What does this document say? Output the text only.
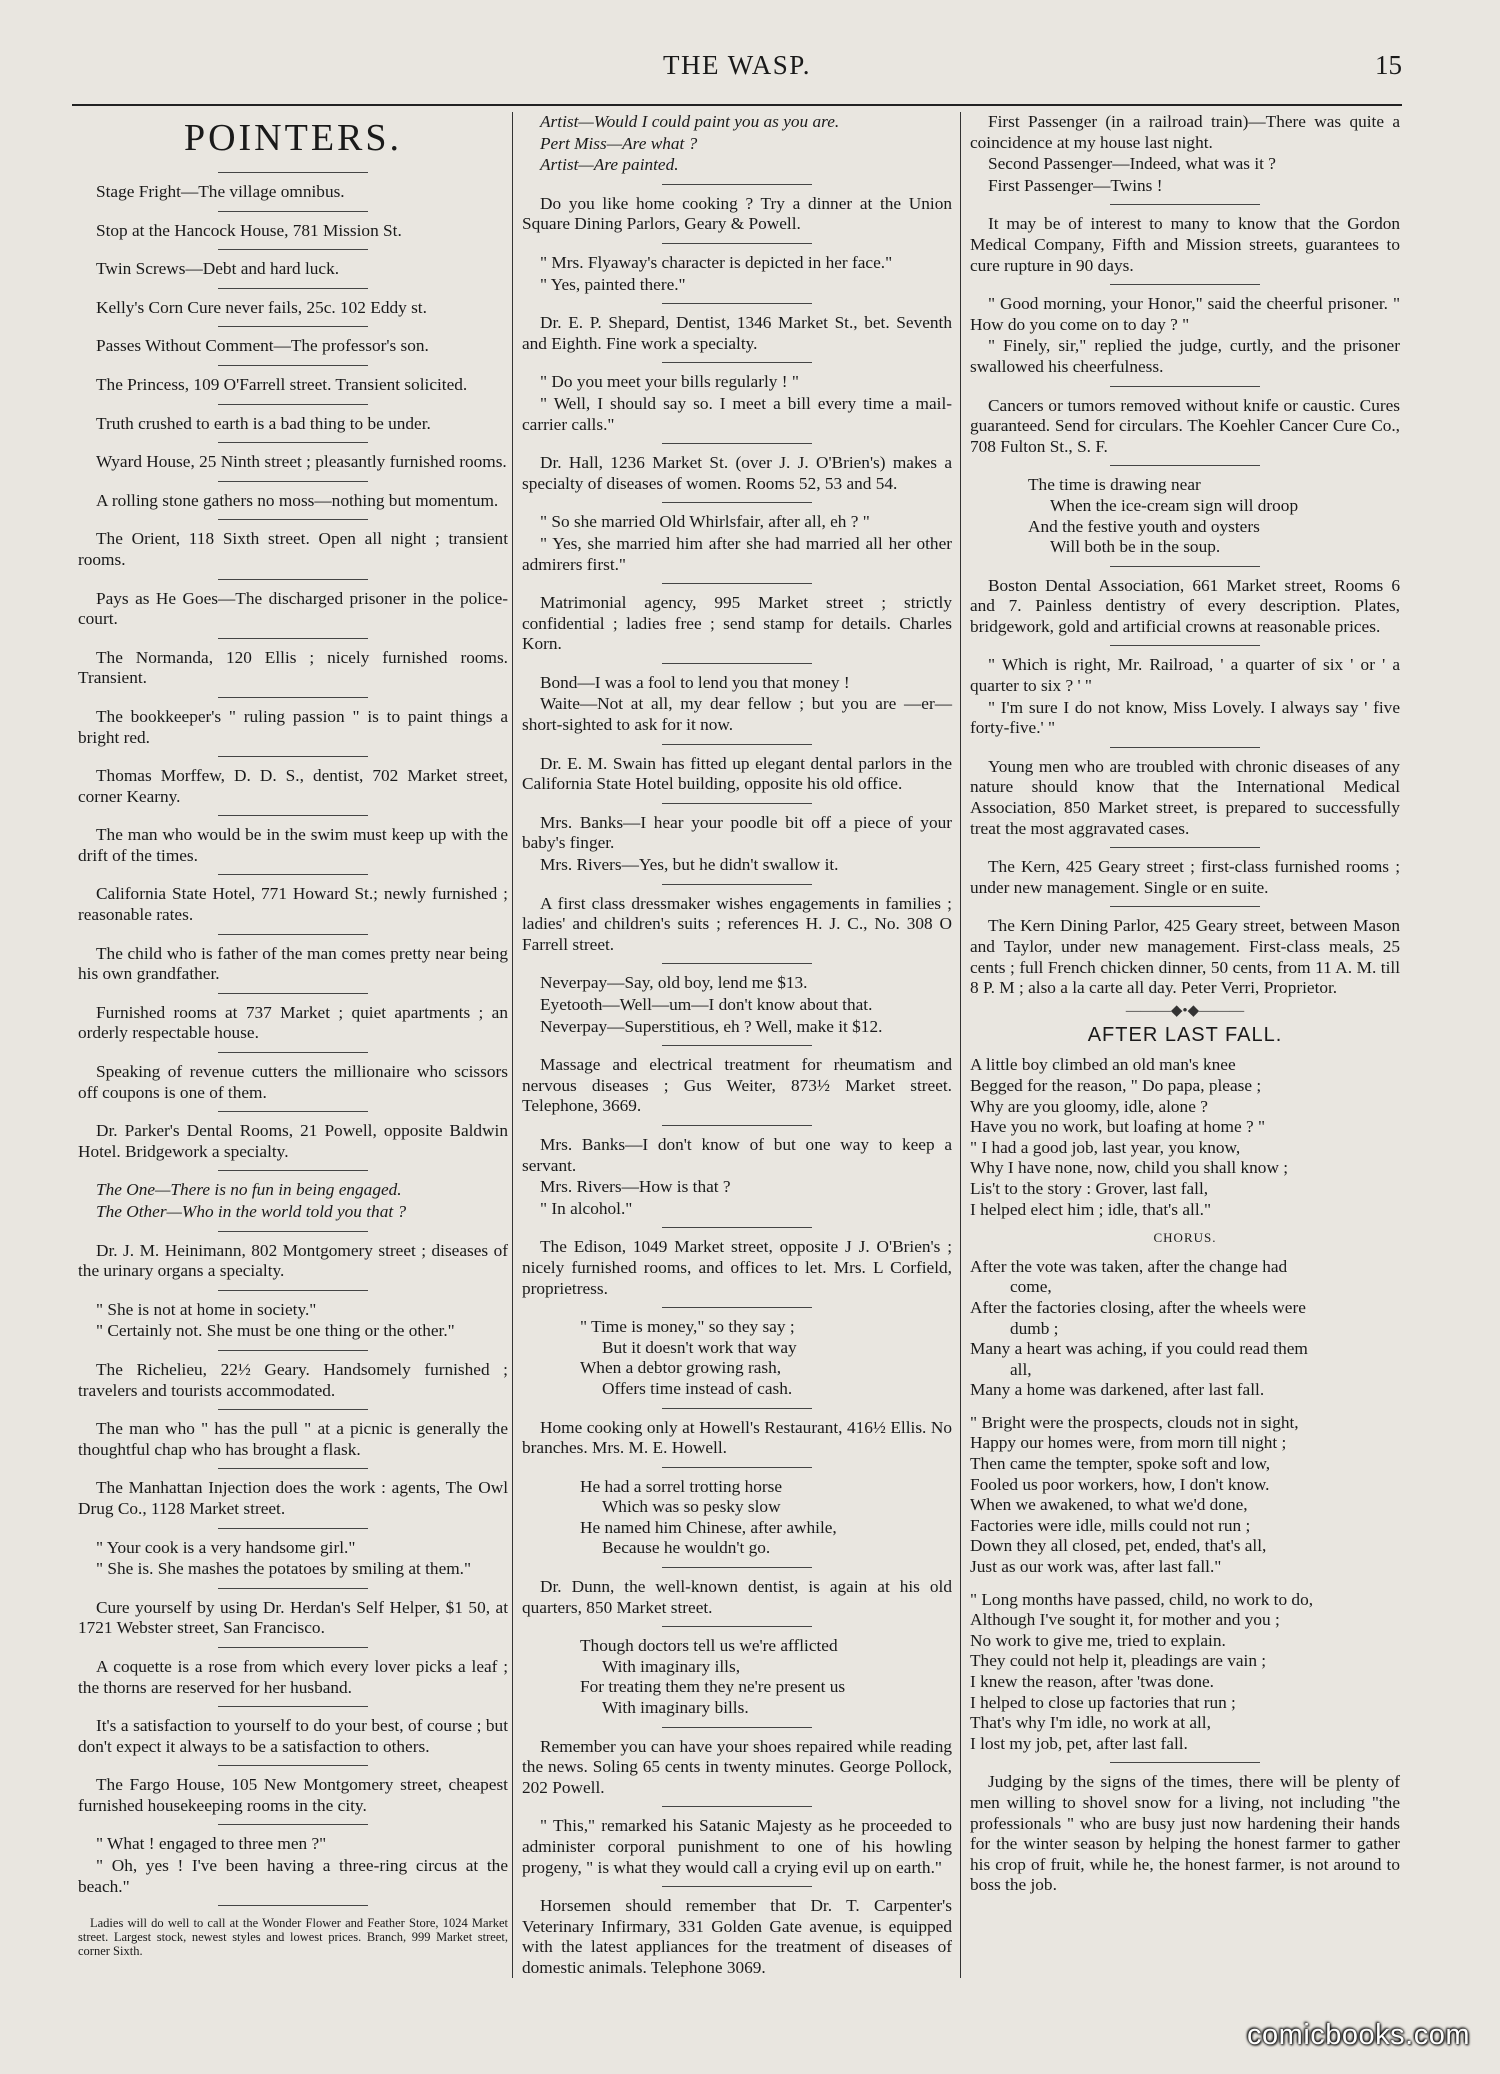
THE WASP.	15
POINTERS.
Stage Fright—The village omnibus.
Stop at the Hancock House, 781 Mission St.
Twin Screws—Debt and hard luck.
Kelly's Corn Cure never fails, 25c. 102 Eddy st.
Passes Without Comment—The professor's son.
The Princess, 109 O'Farrell street. Transient solicited.
Truth crushed to earth is a bad thing to be under.
Wyard House, 25 Ninth street ; pleasantly furnished rooms.
A rolling stone gathers no moss—nothing but momentum.
The Orient, 118 Sixth street. Open all night ; transient rooms.
Pays as He Goes—The discharged prisoner in the police-court.
The Normanda, 120 Ellis ; nicely furnished rooms. Transient.
The bookkeeper's " ruling passion " is to paint things a bright red.
Thomas Morffew, D. D. S., dentist, 702 Market street, corner Kearny.
The man who would be in the swim must keep up with the drift of the times.
California State Hotel, 771 Howard St.; newly furnished ; reasonable rates.
The child who is father of the man comes pretty near being his own grandfather.
Furnished rooms at 737 Market ; quiet apartments ; an orderly respectable house.
Speaking of revenue cutters the millionaire who scissors off coupons is one of them.
Dr. Parker's Dental Rooms, 21 Powell, opposite Baldwin Hotel. Bridgework a specialty.
The One—There is no fun in being engaged.
The Other—Who in the world told you that ?
Dr. J. M. Heinimann, 802 Montgomery street ; diseases of the urinary organs a specialty.
" She is not at home in society."
" Certainly not. She must be one thing or the other."
The Richelieu, 22½ Geary. Handsomely furnished ; travelers and tourists accommodated.
The man who " has the pull " at a picnic is generally the thoughtful chap who has brought a flask.
The Manhattan Injection does the work : agents, The Owl Drug Co., 1128 Market street.
" Your cook is a very handsome girl."
" She is. She mashes the potatoes by smiling at them."
Cure yourself by using Dr. Herdan's Self Helper, $1 50, at 1721 Webster street, San Francisco.
A coquette is a rose from which every lover picks a leaf ; the thorns are reserved for her husband.
It's a satisfaction to yourself to do your best, of course ; but don't expect it always to be a satisfaction to others.
The Fargo House, 105 New Montgomery street, cheapest furnished housekeeping rooms in the city.
" What ! engaged to three men ?"
" Oh, yes ! I've been having a three-ring circus at the beach."
Ladies will do well to call at the Wonder Flower and Feather Store, 1024 Market street. Largest stock, newest styles and lowest prices. Branch, 999 Market street, corner Sixth.
Artist—Would I could paint you as you are.
Pert Miss—Are what ?
Artist—Are painted.
Do you like home cooking ? Try a dinner at the Union Square Dining Parlors, Geary & Powell.
" Mrs. Flyaway's character is depicted in her face."
" Yes, painted there."
Dr. E. P. Shepard, Dentist, 1346 Market St., bet. Seventh and Eighth. Fine work a specialty.
" Do you meet your bills regularly ! "
" Well, I should say so. I meet a bill every time a mail-carrier calls."
Dr. Hall, 1236 Market St. (over J. J. O'Brien's) makes a specialty of diseases of women. Rooms 52, 53 and 54.
" So she married Old Whirlsfair, after all, eh ? "
" Yes, she married him after she had married all her other admirers first."
Matrimonial agency, 995 Market street ; strictly confidential ; ladies free ; send stamp for details. Charles Korn.
Bond—I was a fool to lend you that money !
Waite—Not at all, my dear fellow ; but you are —er—short-sighted to ask for it now.
Dr. E. M. Swain has fitted up elegant dental parlors in the California State Hotel building, opposite his old office.
Mrs. Banks—I hear your poodle bit off a piece of your baby's finger.
Mrs. Rivers—Yes, but he didn't swallow it.
A first class dressmaker wishes engagements in families ; ladies' and children's suits ; references H. J. C., No. 308 O Farrell street.
Neverpay—Say, old boy, lend me $13.
Eyetooth—Well—um—I don't know about that.
Neverpay—Superstitious, eh ? Well, make it $12.
Massage and electrical treatment for rheumatism and nervous diseases ; Gus Weiter, 873½ Market street. Telephone, 3669.
Mrs. Banks—I don't know of but one way to keep a servant.
Mrs. Rivers—How is that ?
" In alcohol."
The Edison, 1049 Market street, opposite J J. O'Brien's ; nicely furnished rooms, and offices to let. Mrs. L Corfield, proprietress.
" Time is money," so they say ;
But it doesn't work that way
When a debtor growing rash,
Offers time instead of cash.
Home cooking only at Howell's Restaurant, 416½ Ellis. No branches. Mrs. M. E. Howell.
He had a sorrel trotting horse
Which was so pesky slow
He named him Chinese, after awhile,
Because he wouldn't go.
Dr. Dunn, the well-known dentist, is again at his old quarters, 850 Market street.
Though doctors tell us we're afflicted
With imaginary ills,
For treating them they ne're present us
With imaginary bills.
Remember you can have your shoes repaired while reading the news. Soling 65 cents in twenty minutes. George Pollock, 202 Powell.
" This," remarked his Satanic Majesty as he proceeded to administer corporal punishment to one of his howling progeny, " is what they would call a crying evil up on earth."
Horsemen should remember that Dr. T. Carpenter's Veterinary Infirmary, 331 Golden Gate avenue, is equipped with the latest appliances for the treatment of diseases of domestic animals. Telephone 3069.
First Passenger (in a railroad train)—There was quite a coincidence at my house last night.
Second Passenger—Indeed, what was it ?
First Passenger—Twins !
It may be of interest to many to know that the Gordon Medical Company, Fifth and Mission streets, guarantees to cure rupture in 90 days.
" Good morning, your Honor," said the cheerful prisoner. " How do you come on to day ? "
" Finely, sir," replied the judge, curtly, and the prisoner swallowed his cheerfulness.
Cancers or tumors removed without knife or caustic. Cures guaranteed. Send for circulars. The Koehler Cancer Cure Co., 708 Fulton St., S. F.
The time is drawing near
When the ice-cream sign will droop
And the festive youth and oysters
Will both be in the soup.
Boston Dental Association, 661 Market street, Rooms 6 and 7. Painless dentistry of every description. Plates, bridgework, gold and artificial crowns at reasonable prices.
" Which is right, Mr. Railroad, ' a quarter of six ' or ' a quarter to six ? ' "
" I'm sure I do not know, Miss Lovely. I always say ' five forty-five.' "
Young men who are troubled with chronic diseases of any nature should know that the International Medical Association, 850 Market street, is prepared to successfully treat the most aggravated cases.
The Kern, 425 Geary street ; first-class furnished rooms ; under new management. Single or en suite.
The Kern Dining Parlor, 425 Geary street, between Mason and Taylor, under new management. First-class meals, 25 cents ; full French chicken dinner, 50 cents, from 11 A. M. till 8 P. M ; also a la carte all day. Peter Verri, Proprietor.
———◆•◆———
AFTER LAST FALL.
A little boy climbed an old man's knee
Begged for the reason, " Do papa, please ;
Why are you gloomy, idle, alone ?
Have you no work, but loafing at home ? "
" I had a good job, last year, you know,
Why I have none, now, child you shall know ;
Lis't to the story : Grover, last fall,
I helped elect him ; idle, that's all."
CHORUS.
After the vote was taken, after the change had
come,
After the factories closing, after the wheels were
dumb ;
Many a heart was aching, if you could read them
all,
Many a home was darkened, after last fall.
" Bright were the prospects, clouds not in sight,
Happy our homes were, from morn till night ;
Then came the tempter, spoke soft and low,
Fooled us poor workers, how, I don't know.
When we awakened, to what we'd done,
Factories were idle, mills could not run ;
Down they all closed, pet, ended, that's all,
Just as our work was, after last fall."
" Long months have passed, child, no work to do,
Although I've sought it, for mother and you ;
No work to give me, tried to explain.
They could not help it, pleadings are vain ;
I knew the reason, after 'twas done.
I helped to close up factories that run ;
That's why I'm idle, no work at all,
I lost my job, pet, after last fall.
Judging by the signs of the times, there will be plenty of men willing to shovel snow for a living, not including "the professionals " who are busy just now hardening their hands for the winter season by helping the honest farmer to gather his crop of fruit, while he, the honest farmer, is not around to boss the job.
comicbooks.com
